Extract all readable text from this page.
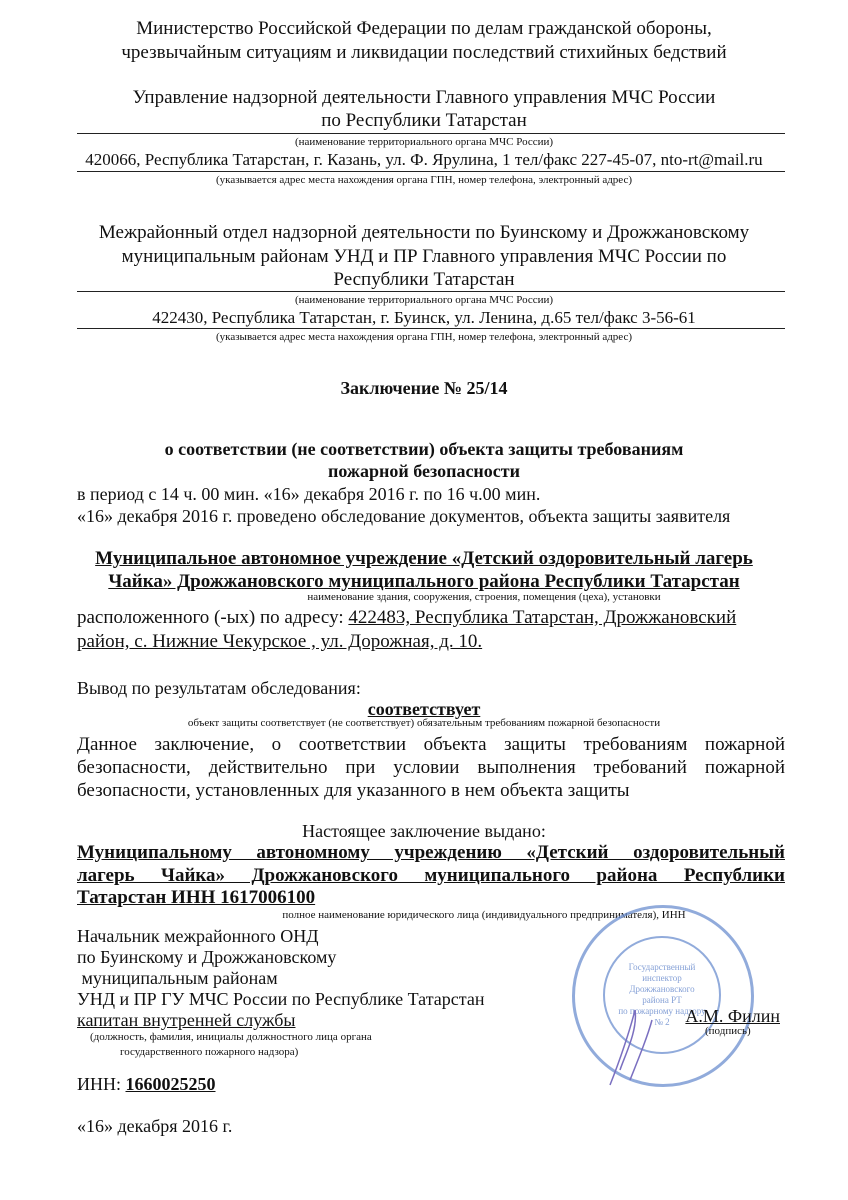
Министерство Российской Федерации по делам гражданской обороны,
чрезвычайным ситуациям и ликвидации последствий стихийных бедствий
Управление надзорной деятельности Главного управления МЧС России
по Республики Татарстан
(наименование территориального органа МЧС России)
420066, Республика Татарстан, г. Казань, ул. Ф. Ярулина, 1 тел/факс 227-45-07, nto-rt@mail.ru
(указывается адрес места нахождения органа ГПН, номер телефона, электронный адрес)
Межрайонный отдел надзорной деятельности по Буинскому и Дрожжановскому
муниципальным районам УНД и ПР Главного управления МЧС России по
Республики Татарстан
(наименование территориального органа МЧС России)
422430, Республика Татарстан, г. Буинск, ул. Ленина, д.65 тел/факс 3-56-61
(указывается адрес места нахождения органа ГПН, номер телефона, электронный адрес)
Заключение № 25/14
о соответствии (не соответствии) объекта защиты требованиям
пожарной безопасности
в период с 14 ч. 00 мин. «16» декабря 2016 г. по 16 ч.00 мин.
«16» декабря 2016 г. проведено обследование документов, объекта защиты заявителя
Муниципальное автономное учреждение «Детский оздоровительный лагерь
Чайка» Дрожжановского муниципального района Республики Татарстан
наименование здания, сооружения, строения, помещения (цеха), установки
расположенного (-ых) по адресу: 422483, Республика Татарстан, Дрожжановский
район, с. Нижние Чекурское , ул. Дорожная, д. 10.
Вывод по результатам обследования:
соответствует
объект защиты соответствует (не соответствует) обязательным требованиям пожарной безопасности
Данное заключение, о соответствии объекта защиты требованиям пожарной
безопасности, действительно при условии выполнения требований пожарной
безопасности, установленных для указанного в нем объекта защиты
Настоящее заключение выдано:
Муниципальному автономному учреждению «Детский оздоровительный
лагерь Чайка» Дрожжановского муниципального района Республики
Татарстан ИНН 1617006100
полное наименование юридического лица (индивидуального предпринимателя), ИНН
Начальник межрайонного ОНД
по Буинскому и Дрожжановскому
муниципальным районам
УНД и ПР ГУ МЧС России по Республике Татарстан
капитан внутренней службы
(должность, фамилия, инициалы должностного лица органа
государственного пожарного надзора)
Государственный
инспектор
Дрожжановского
района РТ
по пожарному надзору
№ 2 А.М. Филин
(подпись)
ИНН: 1660025250
«16» декабря 2016 г.
